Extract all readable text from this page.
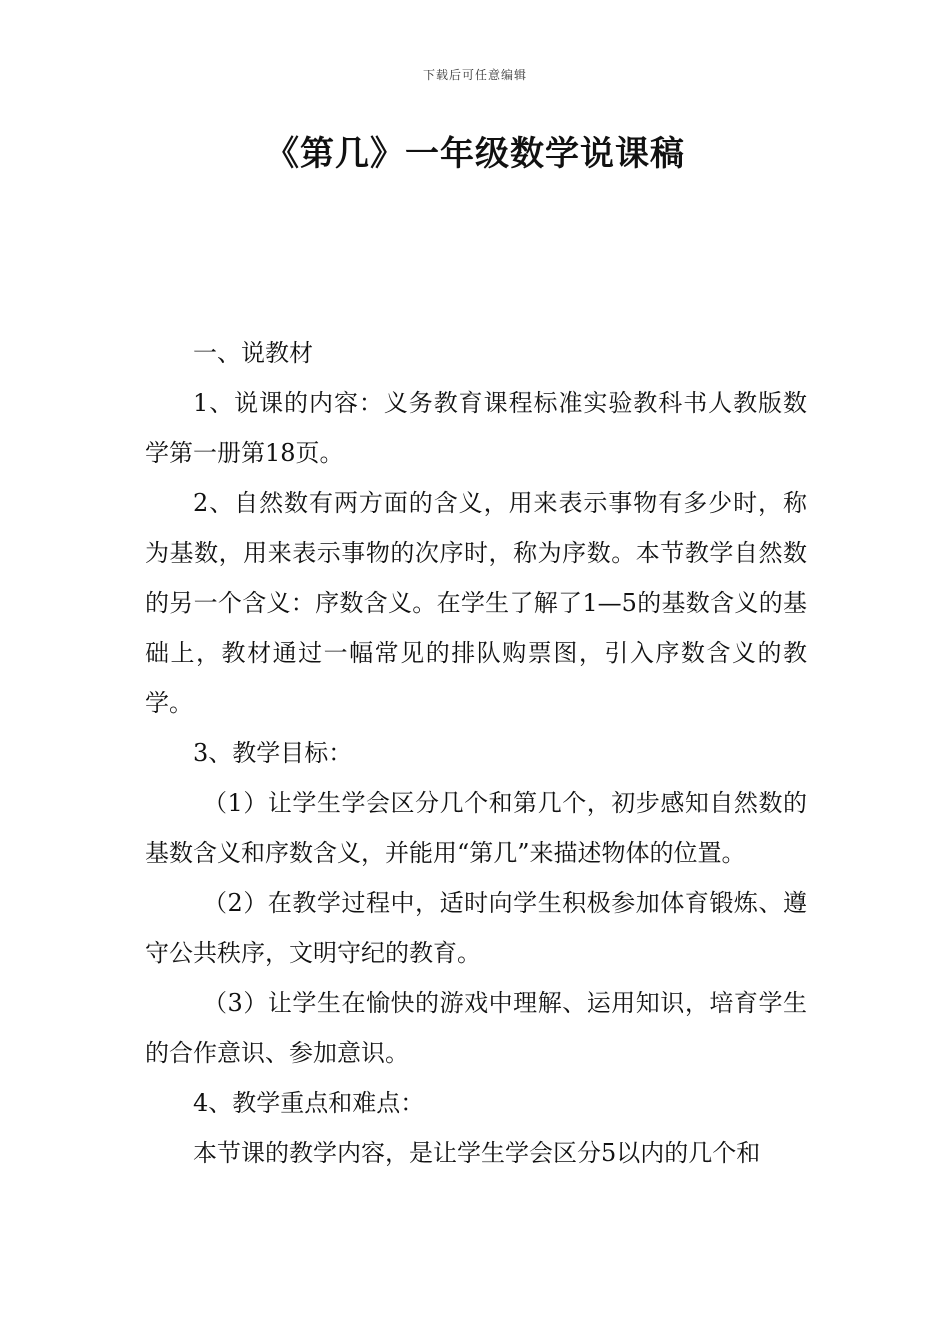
下载后可任意编辑
《第几》一年级数学说课稿

一、说教材

1、说课的内容：义务教育课程标准实验教科书人教版数学第一册第18页。

2、自然数有两方面的含义，用来表示事物有多少时，称为基数，用来表示事物的次序时，称为序数。本节教学自然数的另一个含义：序数含义。在学生了解了1—5的基数含义的基础上，教材通过一幅常见的排队购票图，引入序数含义的教学。

3、教学目标：

（1）让学生学会区分几个和第几个，初步感知自然数的基数含义和序数含义，并能用“第几”来描述物体的位置。

（2）在教学过程中，适时向学生积极参加体育锻炼、遵守公共秩序，文明守纪的教育。

（3）让学生在愉快的游戏中理解、运用知识，培育学生的合作意识、参加意识。

4、教学重点和难点：

本节课的教学内容，是让学生学会区分5以内的几个和
